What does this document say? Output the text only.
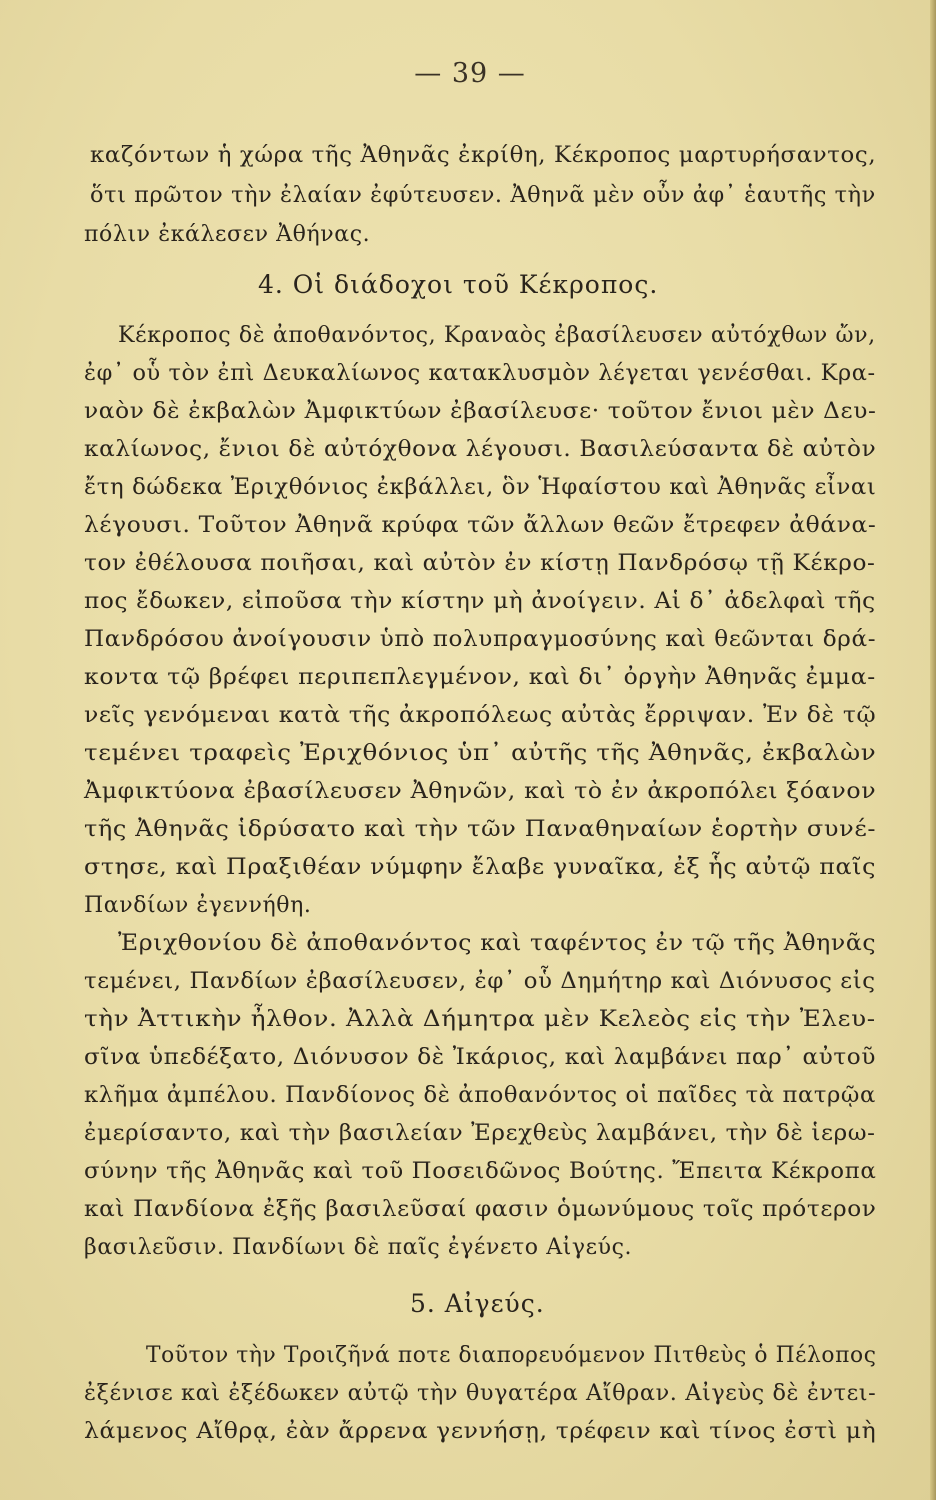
— 39 —
καζόντων ἡ χώρα τῆς Ἀθηνᾶς ἐκρίθη, Κέκροπος μαρτυρήσαντος,
ὅτι πρῶτον τὴν ἐλαίαν ἐφύτευσεν. Ἀθηνᾶ μὲν οὖν ἀφ᾽ ἑαυτῆς τὴν
πόλιν ἐκάλεσεν Ἀθήνας.
4. Οἱ διάδοχοι τοῦ Κέκροπος.
Κέκροπος δὲ ἀποθανόντος, Κραναὸς ἐβασίλευσεν αὐτόχθων ὤν,
ἐφ᾽ οὗ τὸν ἐπὶ Δευκαλίωνος κατακλυσμὸν λέγεται γενέσθαι. Κρα-
ναὸν δὲ ἐκβαλὼν Ἀμφικτύων ἐβασίλευσε· τοῦτον ἔνιοι μὲν Δευ-
καλίωνος, ἔνιοι δὲ αὐτόχθονα λέγουσι. Βασιλεύσαντα δὲ αὐτὸν
ἔτη δώδεκα Ἐριχθόνιος ἐκβάλλει, ὃν Ἡφαίστου καὶ Ἀθηνᾶς εἶναι
λέγουσι. Τοῦτον Ἀθηνᾶ κρύφα τῶν ἄλλων θεῶν ἔτρεφεν ἀθάνα-
τον ἐθέλουσα ποιῆσαι, καὶ αὐτὸν ἐν κίστῃ Πανδρόσῳ τῇ Κέκρο-
πος ἔδωκεν, εἰποῦσα τὴν κίστην μὴ ἀνοίγειν. Αἱ δ᾽ ἀδελφαὶ τῆς
Πανδρόσου ἀνοίγουσιν ὑπὸ πολυπραγμοσύνης καὶ θεῶνται δρά-
κοντα τῷ βρέφει περιπεπλεγμένον, καὶ δι᾽ ὀργὴν Ἀθηνᾶς ἐμμα-
νεῖς γενόμεναι κατὰ τῆς ἀκροπόλεως αὐτὰς ἔρριψαν. Ἐν δὲ τῷ
τεμένει τραφεὶς Ἐριχθόνιος ὑπ᾽ αὐτῆς τῆς Ἀθηνᾶς, ἐκβαλὼν
Ἀμφικτύονα ἐβασίλευσεν Ἀθηνῶν, καὶ τὸ ἐν ἀκροπόλει ξόανον
τῆς Ἀθηνᾶς ἱδρύσατο καὶ τὴν τῶν Παναθηναίων ἑορτὴν συνέ-
στησε, καὶ Πραξιθέαν νύμφην ἔλαβε γυναῖκα, ἐξ ἧς αὐτῷ παῖς
Πανδίων ἐγεννήθη.
Ἐριχθονίου δὲ ἀποθανόντος καὶ ταφέντος ἐν τῷ τῆς Ἀθηνᾶς
τεμένει, Πανδίων ἐβασίλευσεν, ἐφ᾽ οὗ Δημήτηρ καὶ Διόνυσος εἰς
τὴν Ἀττικὴν ἦλθον. Ἀλλὰ Δήμητρα μὲν Κελεὸς εἰς τὴν Ἐλευ-
σῖνα ὑπεδέξατο, Διόνυσον δὲ Ἰκάριος, καὶ λαμβάνει παρ᾽ αὐτοῦ
κλῆμα ἀμπέλου. Πανδίονος δὲ ἀποθανόντος οἱ παῖδες τὰ πατρῷα
ἐμερίσαντο, καὶ τὴν βασιλείαν Ἐρεχθεὺς λαμβάνει, τὴν δὲ ἱερω-
σύνην τῆς Ἀθηνᾶς καὶ τοῦ Ποσειδῶνος Βούτης. Ἔπειτα Κέκροπα
καὶ Πανδίονα ἐξῆς βασιλεῦσαί φασιν ὁμωνύμους τοῖς πρότερον
βασιλεῦσιν. Πανδίωνι δὲ παῖς ἐγένετο Αἰγεύς.
5. Αἰγεύς.
Τοῦτον τὴν Τροιζῆνά ποτε διαπορευόμενον Πιτθεὺς ὁ Πέλοπος
ἐξένισε καὶ ἐξέδωκεν αὐτῷ τὴν θυγατέρα Αἴθραν. Αἰγεὺς δὲ ἐντει-
λάμενος Αἴθρᾳ, ἐὰν ἄρρενα γεννήσῃ, τρέφειν καὶ τίνος ἐστὶ μὴ
